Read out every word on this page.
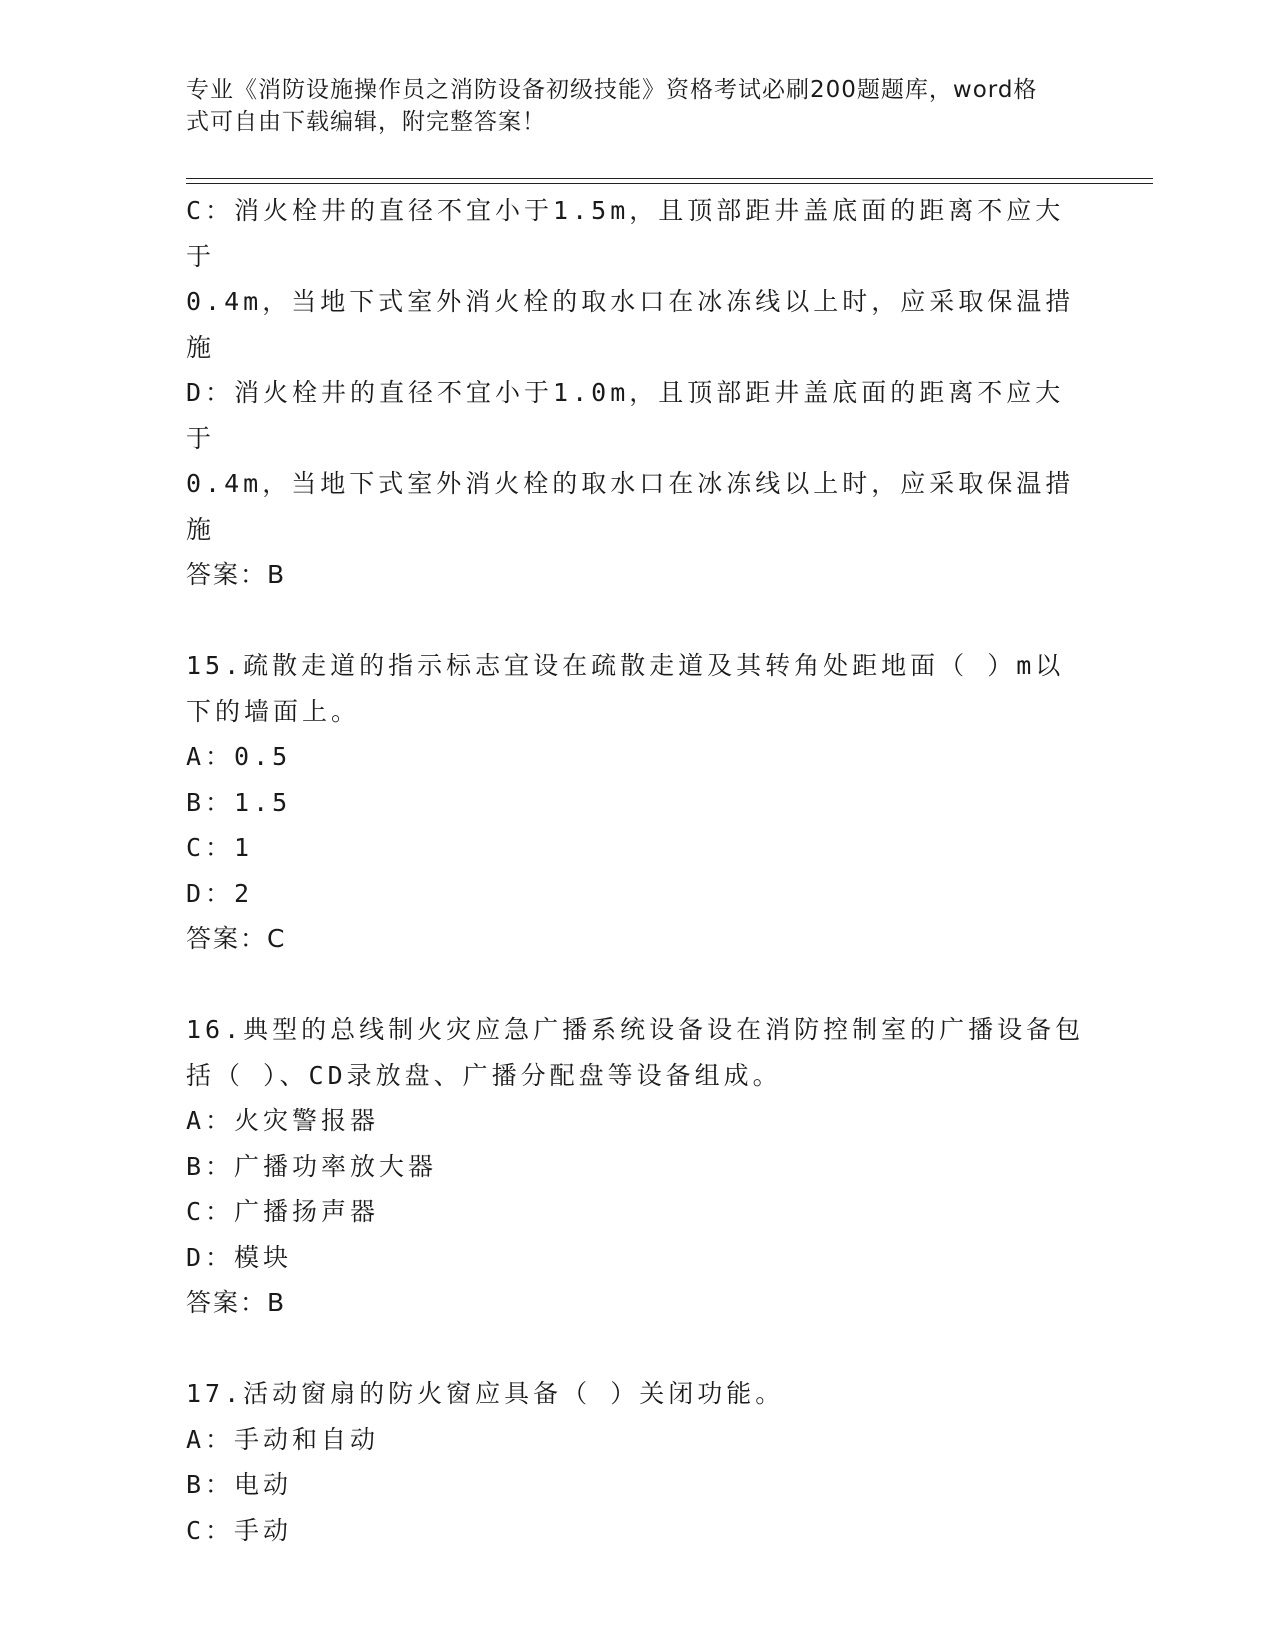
专业《消防设施操作员之消防设备初级技能》资格考试必刷200题题库，word格
式可自由下载编辑，附完整答案！

C：消火栓井的直径不宜小于1.5m，且顶部距井盖底面的距离不应大于

0.4m，当地下式室外消火栓的取水口在冰冻线以上时，应采取保温措

施

D：消火栓井的直径不宜小于1.0m，且顶部距井盖底面的距离不应大于

0.4m，当地下式室外消火栓的取水口在冰冻线以上时，应采取保温措

施

答案：B

15.疏散走道的指示标志宜设在疏散走道及其转角处距地面（ ）m以

下的墙面上。

A：0.5

B：1.5

C：1

D：2

答案：C

16.典型的总线制火灾应急广播系统设备设在消防控制室的广播设备包

括（ ）、CD录放盘、广播分配盘等设备组成。

A：火灾警报器

B：广播功率放大器

C：广播扬声器

D：模块

答案：B

17.活动窗扇的防火窗应具备（ ）关闭功能。

A：手动和自动

B：电动

C：手动
